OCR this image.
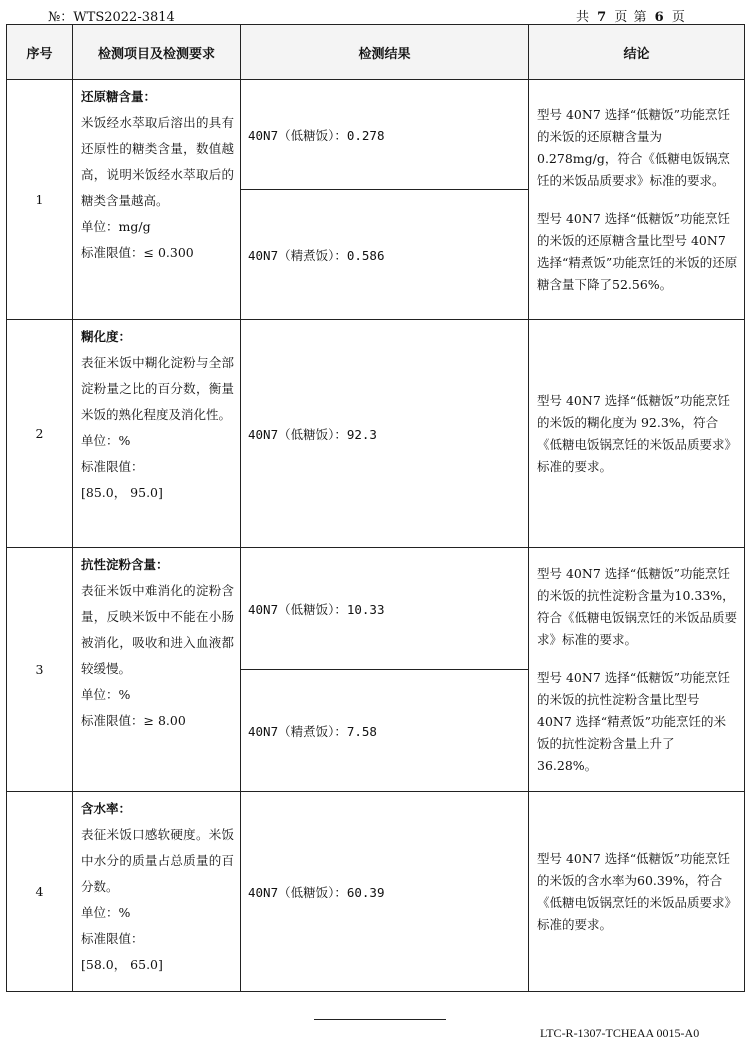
№：WTS2022-3814	共 7 页 第 6 页
序号	检测项目及检测要求	检测结果	结论
1	还原糖含量：
米饭经水萃取后溶出的具有还原性的糖类含量，数值越高，说明米饭经水萃取后的糖类含量越高。
单位：mg/g
标准限值：≤ 0.300	40N7（低糖饭）：0.278	型号 40N7 选择“低糖饭”功能烹饪的米饭的还原糖含量为0.278mg/g，符合《低糖电饭锅烹饪的米饭品质要求》标准的要求。
型号 40N7 选择“低糖饭”功能烹饪的米饭的还原糖含量比型号 40N7 选择“精煮饭”功能烹饪的米饭的还原糖含量下降了52.56%。

		40N7（精煮饭）：0.586	
2	糊化度：
表征米饭中糊化淀粉与全部淀粉量之比的百分数，衡量米饭的熟化程度及消化性。
单位：%
标准限值：
[85.0， 95.0]	40N7（低糖饭）：92.3	型号 40N7 选择“低糖饭”功能烹饪的米饭的糊化度为 92.3%，符合《低糖电饭锅烹饪的米饭品质要求》标准的要求。

3	抗性淀粉含量：
表征米饭中难消化的淀粉含量，反映米饭中不能在小肠被消化，吸收和进入血液都较缓慢。
单位：%
标准限值：≥ 8.00	40N7（低糖饭）：10.33	型号 40N7 选择“低糖饭”功能烹饪的米饭的抗性淀粉含量为10.33%，符合《低糖电饭锅烹饪的米饭品质要求》标准的要求。
型号 40N7 选择“低糖饭”功能烹饪的米饭的抗性淀粉含量比型号 40N7 选择“精煮饭”功能烹饪的米饭的抗性淀粉含量上升了 36.28%。

		40N7（精煮饭）：7.58	
4	含水率：
表征米饭口感软硬度。米饭中水分的质量占总质量的百分数。
单位：%
标准限值：
[58.0， 65.0]	40N7（低糖饭）：60.39	型号 40N7 选择“低糖饭”功能烹饪的米饭的含水率为60.39%，符合《低糖电饭锅烹饪的米饭品质要求》标准的要求。
LTC-R-1307-TCHEAA 0015-A0
